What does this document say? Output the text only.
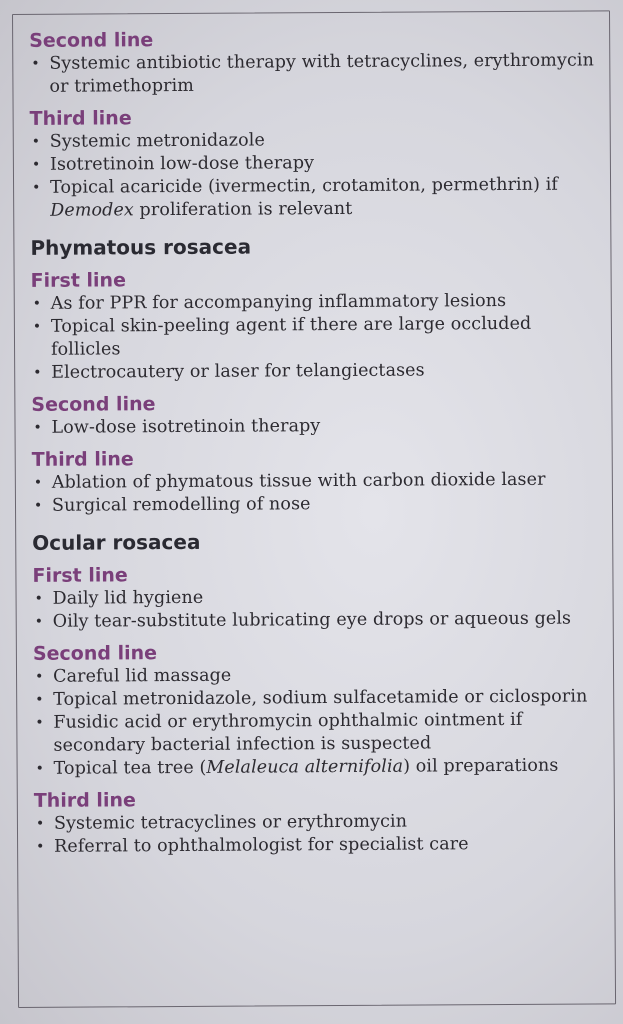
Second line
• Systemic antibiotic therapy with tetracyclines, erythromycin or trimethoprim
Third line
• Systemic metronidazole
• Isotretinoin low-dose therapy
• Topical acaricide (ivermectin, crotamiton, permethrin) if Demodex proliferation is relevant
Phymatous rosacea
First line
• As for PPR for accompanying inflammatory lesions
• Topical skin-peeling agent if there are large occluded follicles
• Electrocautery or laser for telangiectases
Second line
• Low-dose isotretinoin therapy
Third line
• Ablation of phymatous tissue with carbon dioxide laser
• Surgical remodelling of nose
Ocular rosacea
First line
• Daily lid hygiene
• Oily tear-substitute lubricating eye drops or aqueous gels
Second line
• Careful lid massage
• Topical metronidazole, sodium sulfacetamide or ciclosporin
• Fusidic acid or erythromycin ophthalmic ointment if secondary bacterial infection is suspected
• Topical tea tree (Melaleuca alternifolia) oil preparations
Third line
• Systemic tetracyclines or erythromycin
• Referral to ophthalmologist for specialist care
